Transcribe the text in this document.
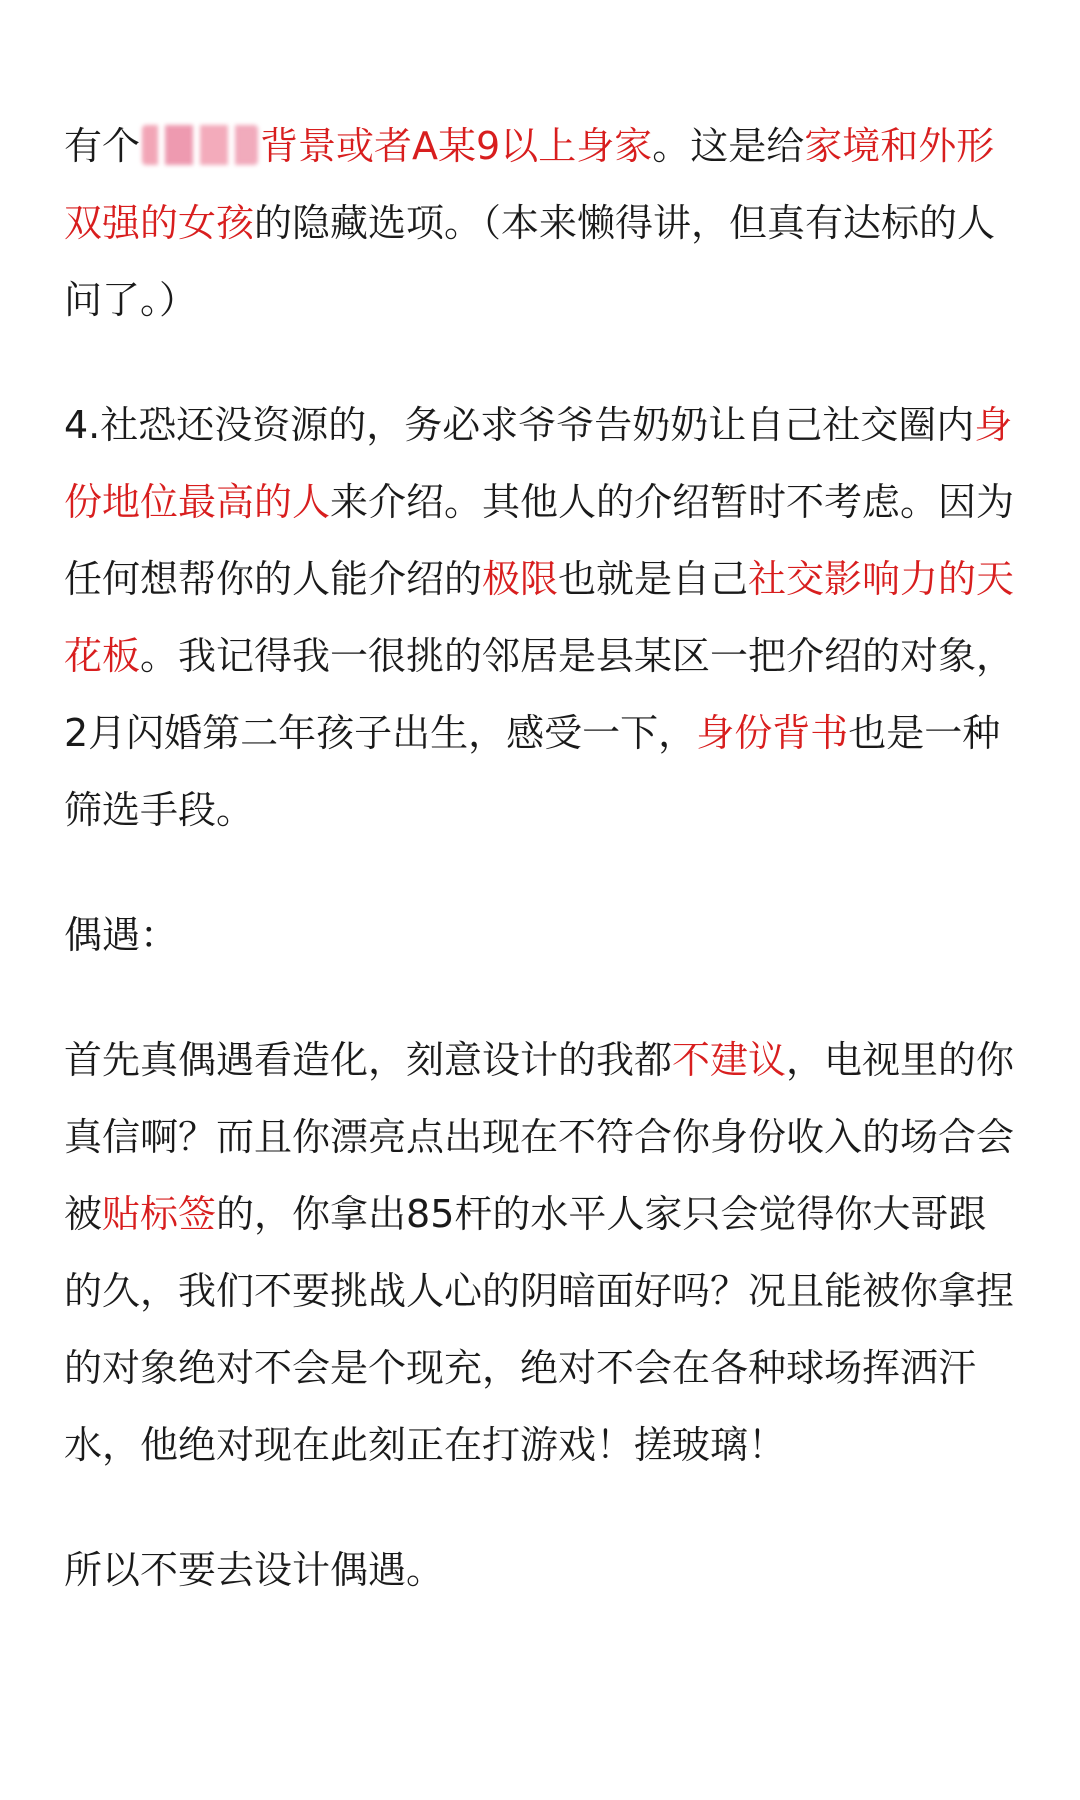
有个	背景或者A某9以上身家。这是给家境和外形双强的女孩的隐藏选项。（本来懒得讲，但真有达标的人问了。）

4.社恐还没资源的，务必求爷爷告奶奶让自己社交圈内身份地位最高的人来介绍。其他人的介绍暂时不考虑。因为任何想帮你的人能介绍的极限也就是自己社交影响力的天花板。我记得我一很挑的邻居是县某区一把介绍的对象，2月闪婚第二年孩子出生，感受一下，身份背书也是一种筛选手段。

偶遇：

首先真偶遇看造化，刻意设计的我都不建议，电视里的你真信啊？而且你漂亮点出现在不符合你身份收入的场合会被贴标签的，你拿出85杆的水平人家只会觉得你大哥跟的久，我们不要挑战人心的阴暗面好吗？况且能被你拿捏的对象绝对不会是个现充，绝对不会在各种球场挥洒汗水，他绝对现在此刻正在打游戏！搓玻璃！

所以不要去设计偶遇。
